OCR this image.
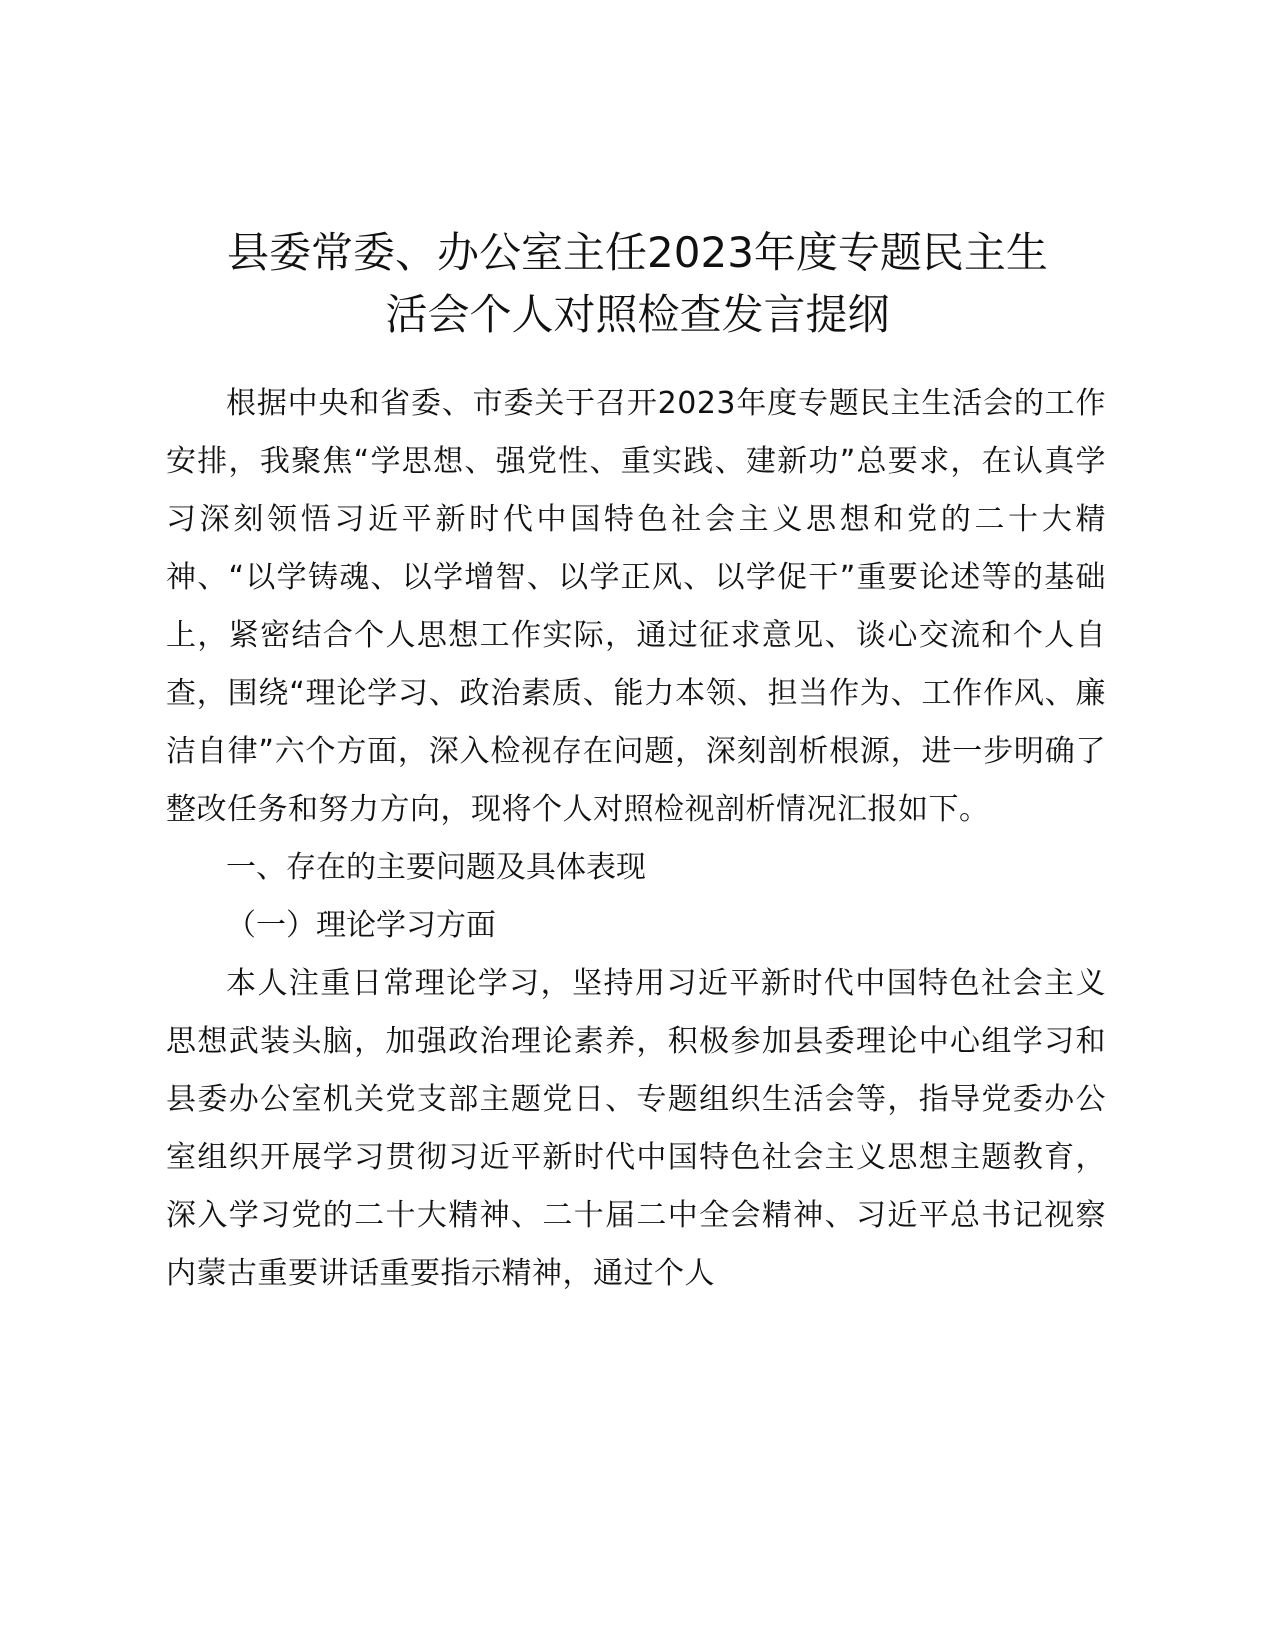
县委常委、办公室主任2023年度专题民主生
活会个人对照检查发言提纲

根据中央和省委、市委关于召开2023年度专题民主生活会的工作安排，我聚焦“学思想、强党性、重实践、建新功”总要求，在认真学习深刻领悟习近平新时代中国特色社会主义思想和党的二十大精神、“以学铸魂、以学增智、以学正风、以学促干”重要论述等的基础上，紧密结合个人思想工作实际，通过征求意见、谈心交流和个人自查，围绕“理论学习、政治素质、能力本领、担当作为、工作作风、廉洁自律”六个方面，深入检视存在问题，深刻剖析根源，进一步明确了整改任务和努力方向，现将个人对照检视剖析情况汇报如下。

一、存在的主要问题及具体表现

（一）理论学习方面

本人注重日常理论学习，坚持用习近平新时代中国特色社会主义思想武装头脑，加强政治理论素养，积极参加县委理论中心组学习和县委办公室机关党支部主题党日、专题组织生活会等，指导党委办公室组织开展学习贯彻习近平新时代中国特色社会主义思想主题教育，深入学习党的二十大精神、二十届二中全会精神、习近平总书记视察内蒙古重要讲话重要指示精神，通过个人
